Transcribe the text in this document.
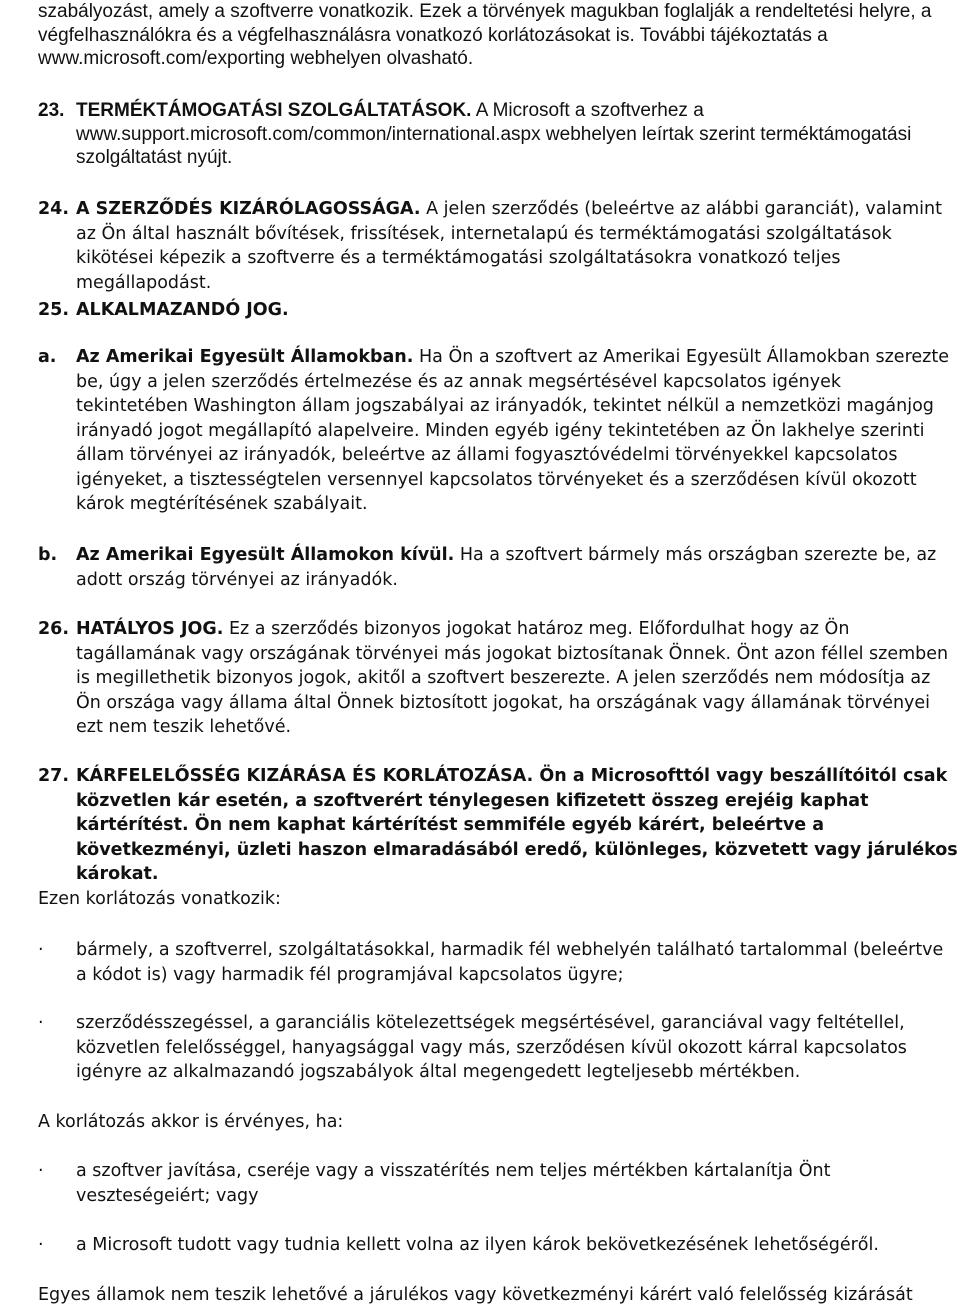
szabályozást, amely a szoftverre vonatkozik. Ezek a törvények magukban foglalják a rendeltetési helyre, a végfelhasználókra és a végfelhasználásra vonatkozó korlátozásokat is. További tájékoztatás a www.microsoft.com/exporting webhelyen olvasható.

23. TERMÉKTÁMOGATÁSI SZOLGÁLTATÁSOK. A Microsoft a szoftverhez a www.support.microsoft.com/common/international.aspx webhelyen leírtak szerint terméktámogatási szolgáltatást nyújt.
24. A SZERZŐDÉS KIZÁRÓLAGOSSÁGA. A jelen szerződés (beleértve az alábbi garanciát), valamint az Ön által használt bővítések, frissítések, internetalapú és terméktámogatási szolgáltatások kikötései képezik a szoftverre és a terméktámogatási szolgáltatásokra vonatkozó teljes megállapodást.
25. ALKALMAZANDÓ JOG.
a.	Az Amerikai Egyesült Államokban. Ha Ön a szoftvert az Amerikai Egyesült Államokban szerezte be, úgy a jelen szerződés értelmezése és az annak megsértésével kapcsolatos igények tekintetében Washington állam jogszabályai az irányadók, tekintet nélkül a nemzetközi magánjog irányadó jogot megállapító alapelveire. Minden egyéb igény tekintetében az Ön lakhelye szerinti állam törvényei az irányadók, beleértve az állami fogyasztóvédelmi törvényekkel kapcsolatos igényeket, a tisztességtelen versennyel kapcsolatos törvényeket és a szerződésen kívül okozott károk megtérítésének szabályait.
b.	Az Amerikai Egyesült Államokon kívül. Ha a szoftvert bármely más országban szerezte be, az adott ország törvényei az irányadók.
26. HATÁLYOS JOG. Ez a szerződés bizonyos jogokat határoz meg. Előfordulhat hogy az Ön tagállamának vagy országának törvényei más jogokat biztosítanak Önnek. Önt azon féllel szemben is megillethetik bizonyos jogok, akitől a szoftvert beszerezte. A jelen szerződés nem módosítja az Ön országa vagy állama által Önnek biztosított jogokat, ha országának vagy államának törvényei ezt nem teszik lehetővé.
27. KÁRFELELŐSSÉG KIZÁRÁSA ÉS KORLÁTOZÁSA. Ön a Microsofttól vagy beszállítóitól csak közvetlen kár esetén, a szoftverért ténylegesen kifizetett összeg erejéig kaphat kártérítést. Ön nem kaphat kártérítést semmiféle egyéb kárért, beleértve a következményi, üzleti haszon elmaradásából eredő, különleges, közvetett vagy járulékos károkat.

Ezen korlátozás vonatkozik:

·	bármely, a szoftverrel, szolgáltatásokkal, harmadik fél webhelyén található tartalommal (beleértve a kódot is) vagy harmadik fél programjával kapcsolatos ügyre;
·	szerződésszegéssel, a garanciális kötelezettségek megsértésével, garanciával vagy feltétellel, közvetlen felelősséggel, hanyagsággal vagy más, szerződésen kívül okozott kárral kapcsolatos igényre az alkalmazandó jogszabályok által megengedett legteljesebb mértékben.

A korlátozás akkor is érvényes, ha:

·	a szoftver javítása, cseréje vagy a visszatérítés nem teljes mértékben kártalanítja Önt veszteségeiért; vagy
·	a Microsoft tudott vagy tudnia kellett volna az ilyen károk bekövetkezésének lehetőségéről.

Egyes államok nem teszik lehetővé a járulékos vagy következményi kárért való felelősség kizárását
